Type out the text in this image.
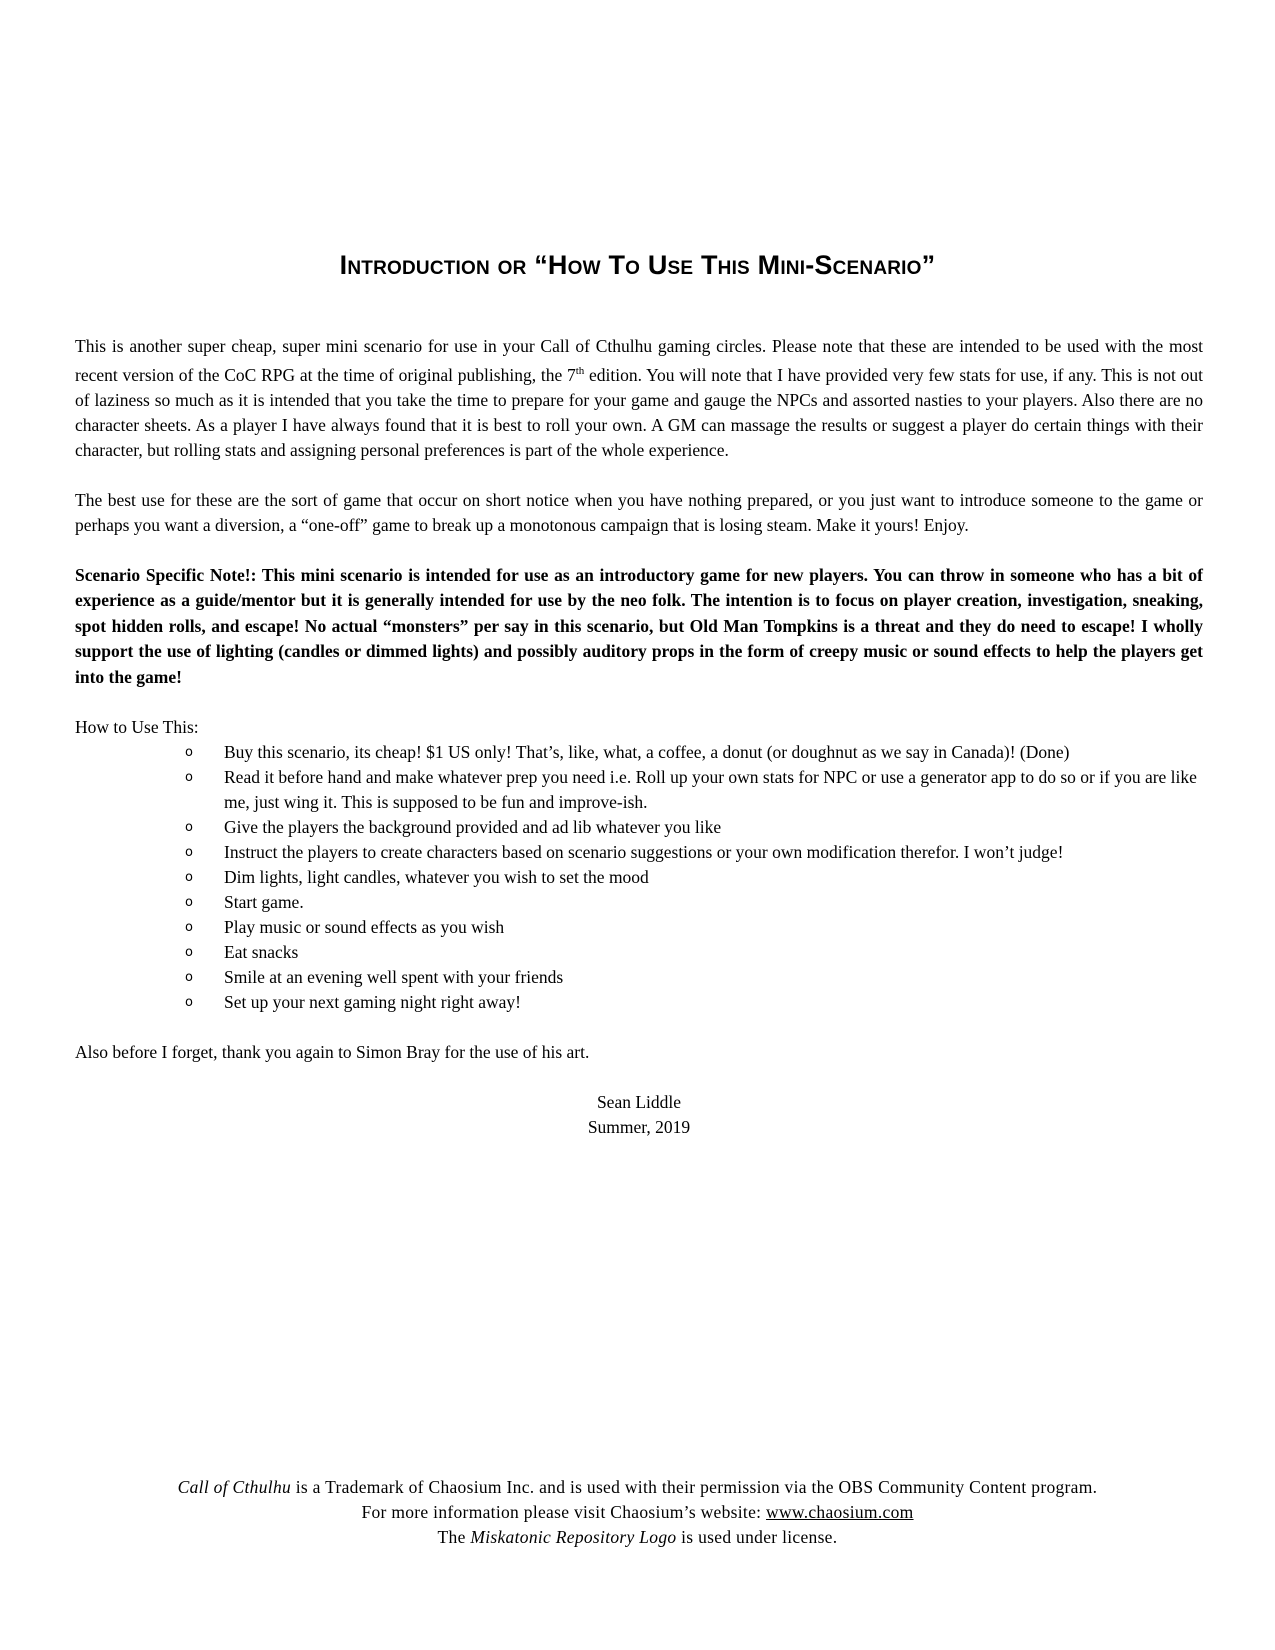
Introduction or “How To Use This Mini-Scenario”

This is another super cheap, super mini scenario for use in your Call of Cthulhu gaming circles. Please note that these are intended to be used with the most recent version of the CoC RPG at the time of original publishing, the 7th edition. You will note that I have provided very few stats for use, if any. This is not out of laziness so much as it is intended that you take the time to prepare for your game and gauge the NPCs and assorted nasties to your players. Also there are no character sheets. As a player I have always found that it is best to roll your own. A GM can massage the results or suggest a player do certain things with their character, but rolling stats and assigning personal preferences is part of the whole experience.

The best use for these are the sort of game that occur on short notice when you have nothing prepared, or you just want to introduce someone to the game or perhaps you want a diversion, a “one-off” game to break up a monotonous campaign that is losing steam. Make it yours! Enjoy.

Scenario Specific Note!: This mini scenario is intended for use as an introductory game for new players. You can throw in someone who has a bit of experience as a guide/mentor but it is generally intended for use by the neo folk. The intention is to focus on player creation, investigation, sneaking, spot hidden rolls, and escape! No actual “monsters” per say in this scenario, but Old Man Tompkins is a threat and they do need to escape! I wholly support the use of lighting (candles or dimmed lights) and possibly auditory props in the form of creepy music or sound effects to help the players get into the game!

How to Use This:

o Buy this scenario, its cheap! $1 US only! That’s, like, what, a coffee, a donut (or doughnut as we say in Canada)! (Done)
o Read it before hand and make whatever prep you need i.e. Roll up your own stats for NPC or use a generator app to do so or if you are like me, just wing it. This is supposed to be fun and improve-ish.
o Give the players the background provided and ad lib whatever you like
o Instruct the players to create characters based on scenario suggestions or your own modification therefor. I won’t judge!
o Dim lights, light candles, whatever you wish to set the mood
o Start game.
o Play music or sound effects as you wish
o Eat snacks
o Smile at an evening well spent with your friends
o Set up your next gaming night right away!

Also before I forget, thank you again to Simon Bray for the use of his art.

Sean Liddle
Summer, 2019

Call of Cthulhu is a Trademark of Chaosium Inc. and is used with their permission via the OBS Community Content program.
For more information please visit Chaosium’s website: www.chaosium.com
The Miskatonic Repository Logo is used under license.
